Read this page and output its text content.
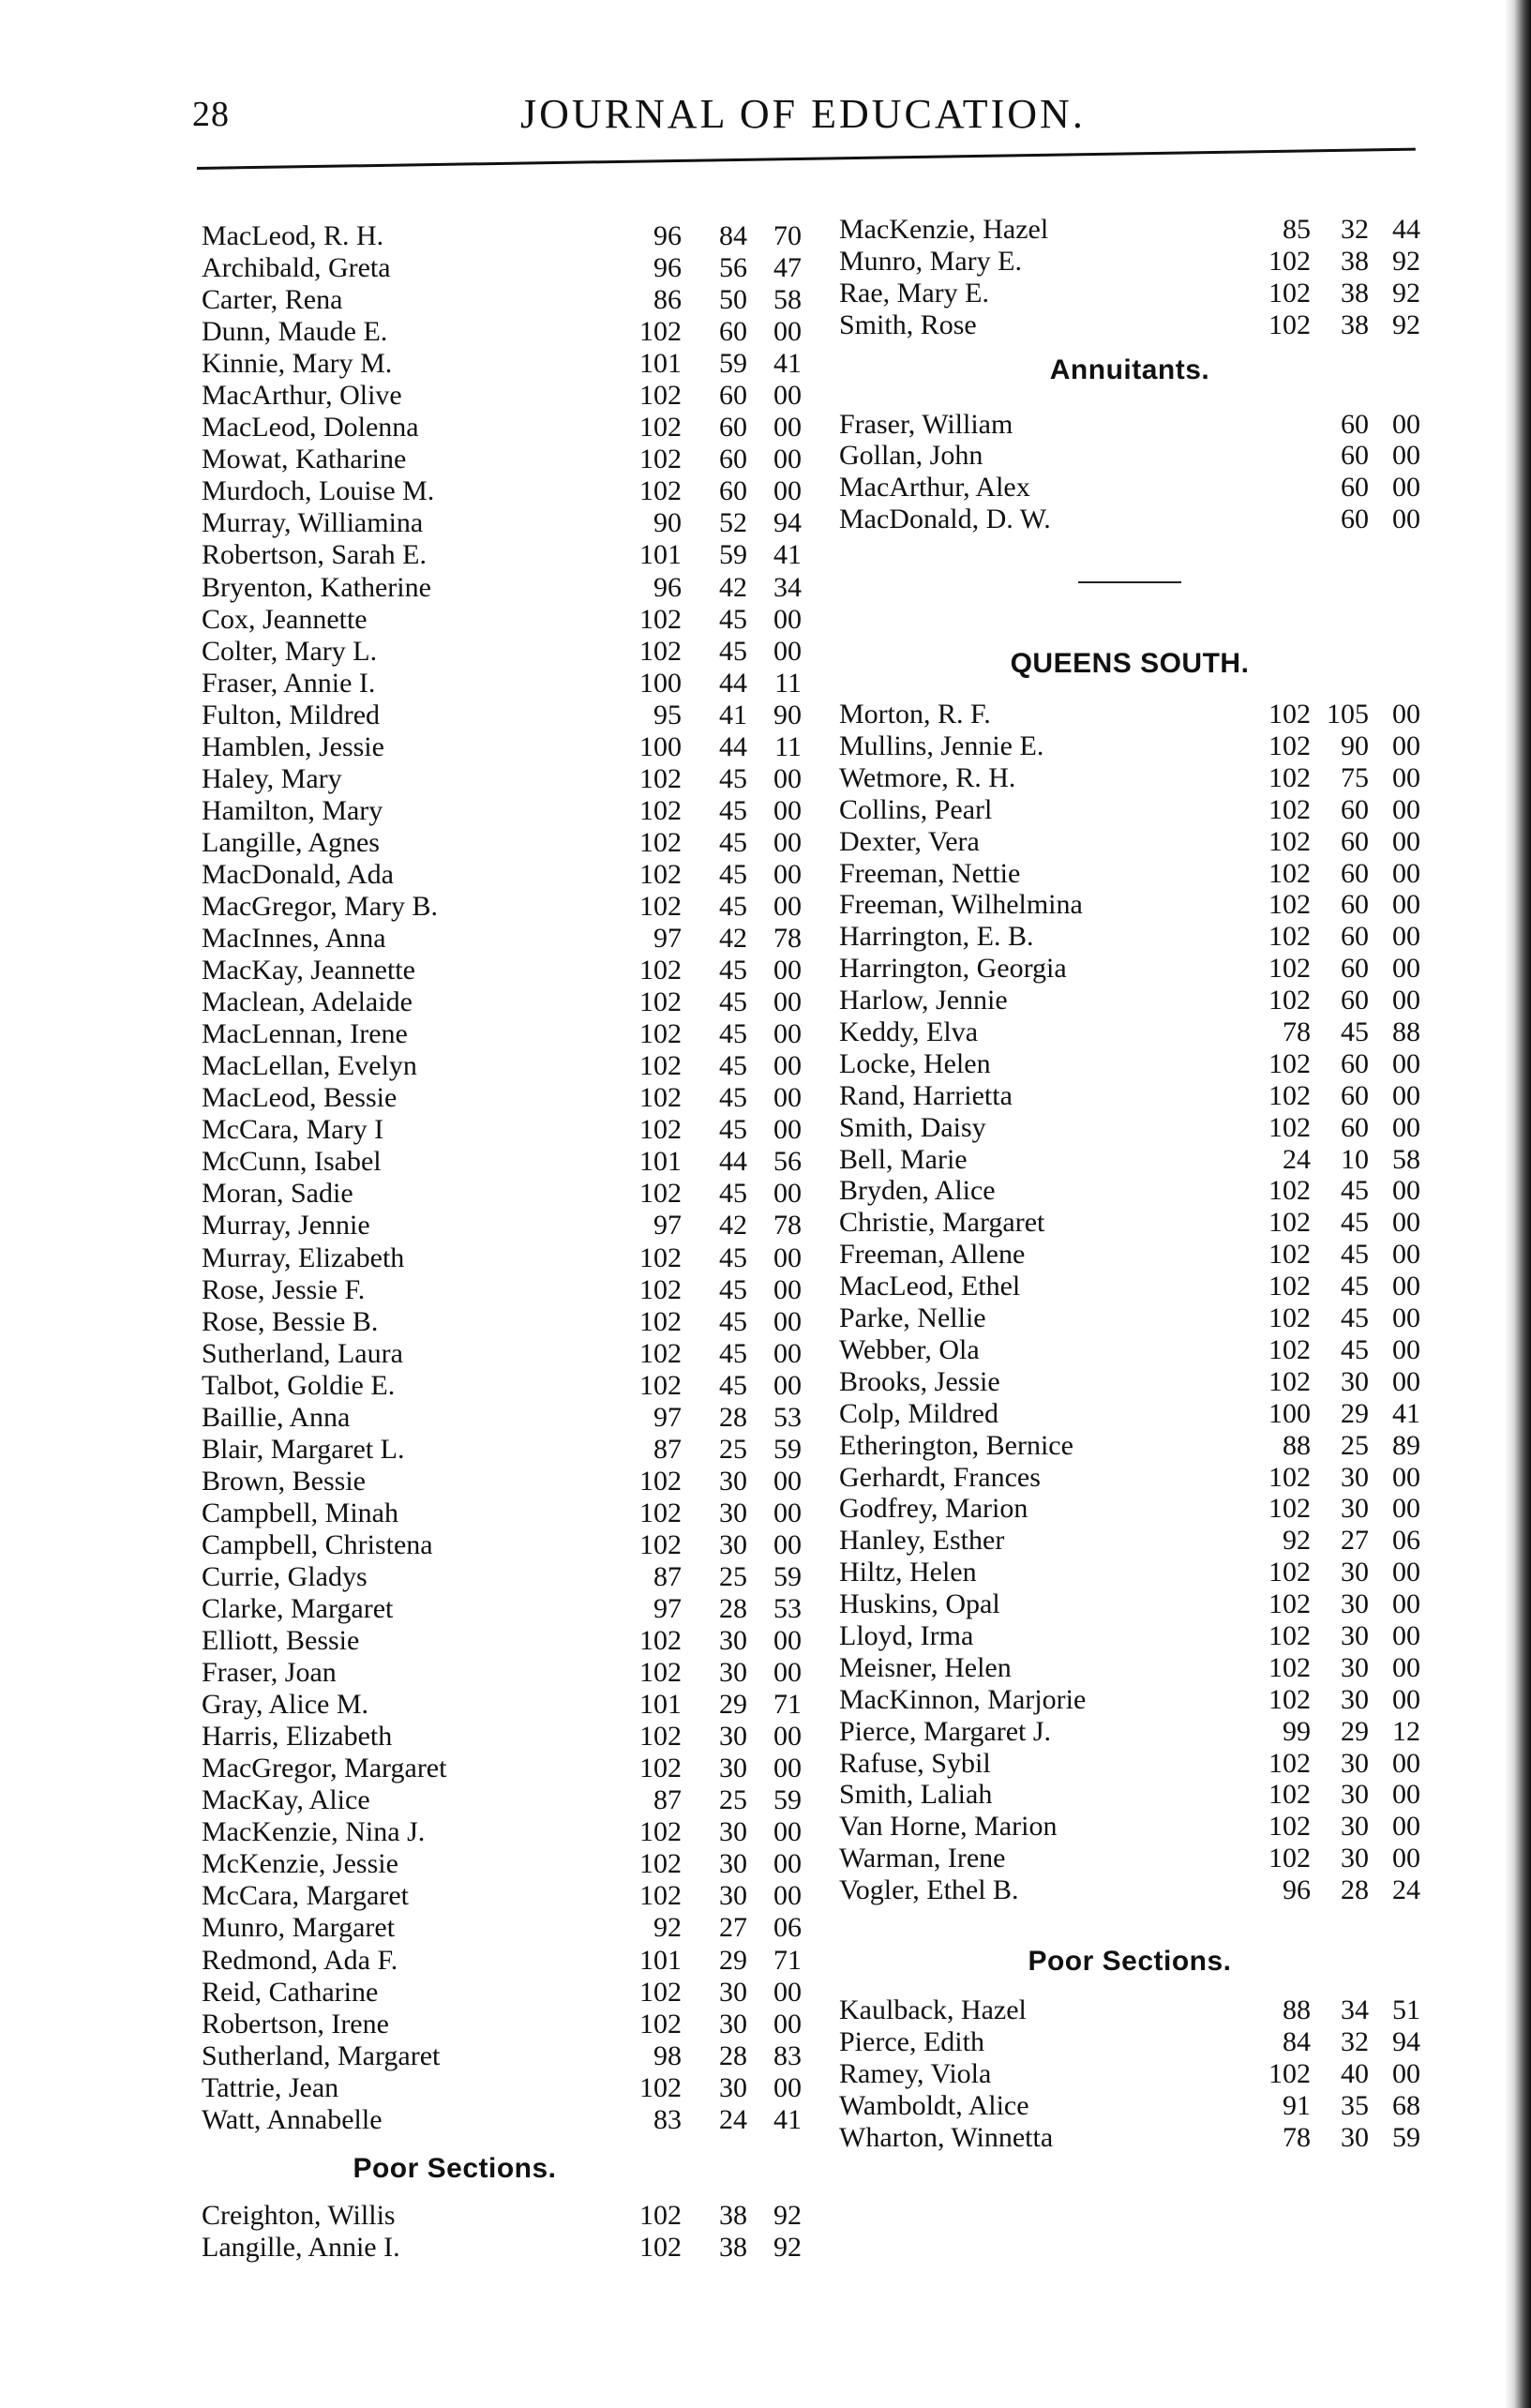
28	JOURNAL OF EDUCATION.
MacLeod, R. H.	96	84 70
Archibald, Greta	96	56 47
Carter, Rena	86	50 58
Dunn, Maude E.	102	60 00
Kinnie, Mary M.	101	59 41
MacArthur, Olive	102	60 00
MacLeod, Dolenna	102	60 00
Mowat, Katharine	102	60 00
Murdoch, Louise M.	102	60 00
Murray, Williamina	90	52 94
Robertson, Sarah E.	101	59 41
Bryenton, Katherine	96	42 34
Cox, Jeannette	102	45 00
Colter, Mary L.	102	45 00
Fraser, Annie I.	100	44 11
Fulton, Mildred	95	41 90
Hamblen, Jessie	100	44 11
Haley, Mary	102	45 00
Hamilton, Mary	102	45 00
Langille, Agnes	102	45 00
MacDonald, Ada	102	45 00
MacGregor, Mary B.	102	45 00
MacInnes, Anna	97	42 78
MacKay, Jeannette	102	45 00
Maclean, Adelaide	102	45 00
MacLennan, Irene	102	45 00
MacLellan, Evelyn	102	45 00
MacLeod, Bessie	102	45 00
McCara, Mary I	102	45 00
McCunn, Isabel	101	44 56
Moran, Sadie	102	45 00
Murray, Jennie	97	42 78
Murray, Elizabeth	102	45 00
Rose, Jessie F.	102	45 00
Rose, Bessie B.	102	45 00
Sutherland, Laura	102	45 00
Talbot, Goldie E.	102	45 00
Baillie, Anna	97	28 53
Blair, Margaret L.	87	25 59
Brown, Bessie	102	30 00
Campbell, Minah	102	30 00
Campbell, Christena	102	30 00
Currie, Gladys	87	25 59
Clarke, Margaret	97	28 53
Elliott, Bessie	102	30 00
Fraser, Joan	102	30 00
Gray, Alice M.	101	29 71
Harris, Elizabeth	102	30 00
MacGregor, Margaret	102	30 00
MacKay, Alice	87	25 59
MacKenzie, Nina J.	102	30 00
McKenzie, Jessie	102	30 00
McCara, Margaret	102	30 00
Munro, Margaret	92	27 06
Redmond, Ada F.	101	29 71
Reid, Catharine	102	30 00
Robertson, Irene	102	30 00
Sutherland, Margaret	98	28 83
Tattrie, Jean	102	30 00
Watt, Annabelle	83	24 41
Poor Sections.
Creighton, Willis	102	38 92
Langille, Annie I.	102	38 92
MacKenzie, Hazel	85	32 44
Munro, Mary E.	102	38 92
Rae, Mary E.	102	38 92
Smith, Rose	102	38 92
Annuitants.
Fraser, William	60 00
Gollan, John	60 00
MacArthur, Alex	60 00
MacDonald, D. W.	60 00
QUEENS SOUTH.
Morton, R. F.	102 105 00
Mullins, Jennie E.	102	90 00
Wetmore, R. H.	102	75 00
Collins, Pearl	102	60 00
Dexter, Vera	102	60 00
Freeman, Nettie	102	60 00
Freeman, Wilhelmina	102	60 00
Harrington, E. B.	102	60 00
Harrington, Georgia	102	60 00
Harlow, Jennie	102	60 00
Keddy, Elva	78	45 88
Locke, Helen	102	60 00
Rand, Harrietta	102	60 00
Smith, Daisy	102	60 00
Bell, Marie	24	10 58
Bryden, Alice	102	45 00
Christie, Margaret	102	45 00
Freeman, Allene	102	45 00
MacLeod, Ethel	102	45 00
Parke, Nellie	102	45 00
Webber, Ola	102	45 00
Brooks, Jessie	102	30 00
Colp, Mildred	100	29 41
Etherington, Bernice	88	25 89
Gerhardt, Frances	102	30 00
Godfrey, Marion	102	30 00
Hanley, Esther	92	27 06
Hiltz, Helen	102	30 00
Huskins, Opal	102	30 00
Lloyd, Irma	102	30 00
Meisner, Helen	102	30 00
MacKinnon, Marjorie	102	30 00
Pierce, Margaret J.	99	29 12
Rafuse, Sybil	102	30 00
Smith, Laliah	102	30 00
Van Horne, Marion	102	30 00
Warman, Irene	102	30 00
Vogler, Ethel B.	96	28 24
Poor Sections.
Kaulback, Hazel	88	34 51
Pierce, Edith	84	32 94
Ramey, Viola	102	40 00
Wamboldt, Alice	91	35 68
Wharton, Winnetta	78	30 59
